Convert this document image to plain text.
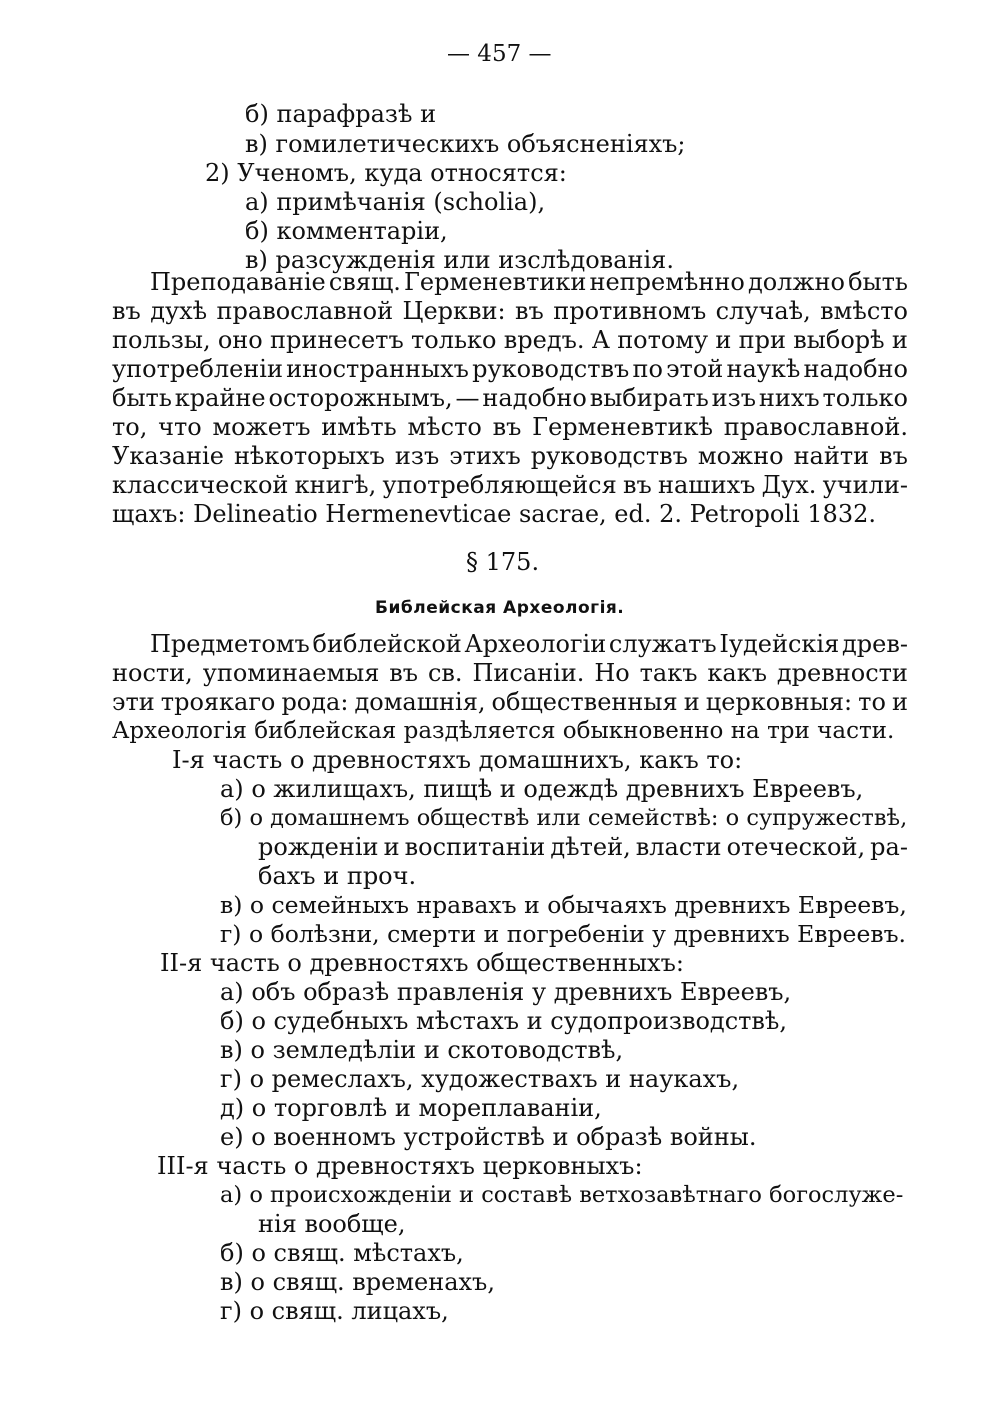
— 457 —
б) парафразѣ и
в) гомилетическихъ объясненiяхъ;
2) Ученомъ, куда относятся:
а) примѣчанiя (scholia),
б) комментарiи,
в) разсужденiя или изслѣдованiя.
Преподаванiе свящ. Герменевтики непремѣнно должно быть
въ духѣ православной Церкви: въ противномъ случаѣ, вмѣсто
пользы, оно принесетъ только вредъ. А потому и при выборѣ и
употребленiи иностранныхъ руководствъ по этой наукѣ надобно
быть крайне осторожнымъ, — надобно выбирать изъ нихъ только
то, что можетъ имѣть мѣсто въ Герменевтикѣ православной.
Указанiе нѣкоторыхъ изъ этихъ руководствъ можно найти въ
классической книгѣ, употребляющейся въ нашихъ Дух. учили-
щахъ: Delineatio Hermenevticae sacrae, ed. 2. Petropoli 1832.
§ 175.
Библейская Археологiя.
Предметомъ библейской Археологiи служатъ Iудейскiя древ-
ности, упоминаемыя въ св. Писанiи. Но такъ какъ древности
эти троякаго рода: домашнiя, общественныя и церковныя: то и
Археологiя библейская раздѣляется обыкновенно на три части.
I-я часть о древностяхъ домашнихъ, какъ то:
а) о жилищахъ, пищѣ и одеждѣ древнихъ Евреевъ,
б) о домашнемъ обществѣ или семействѣ: о супружествѣ,
рожденiи и воспитанiи дѣтей, власти отеческой, ра-
бахъ и проч.
в) о семейныхъ нравахъ и обычаяхъ древнихъ Евреевъ,
г) о болѣзни, смерти и погребенiи у древнихъ Евреевъ.
II-я часть о древностяхъ общественныхъ:
а) объ образѣ правленiя у древнихъ Евреевъ,
б) о судебныхъ мѣстахъ и судопроизводствѣ,
в) о земледѣлiи и скотоводствѣ,
г) о ремеслахъ, художествахъ и наукахъ,
д) о торговлѣ и мореплаванiи,
е) о военномъ устройствѣ и образѣ войны.
III-я часть о древностяхъ церковныхъ:
а) о происхожденiи и составѣ ветхозавѣтнаго богослуже-
нiя вообще,
б) о свящ. мѣстахъ,
в) о свящ. временахъ,
г) о свящ. лицахъ,
